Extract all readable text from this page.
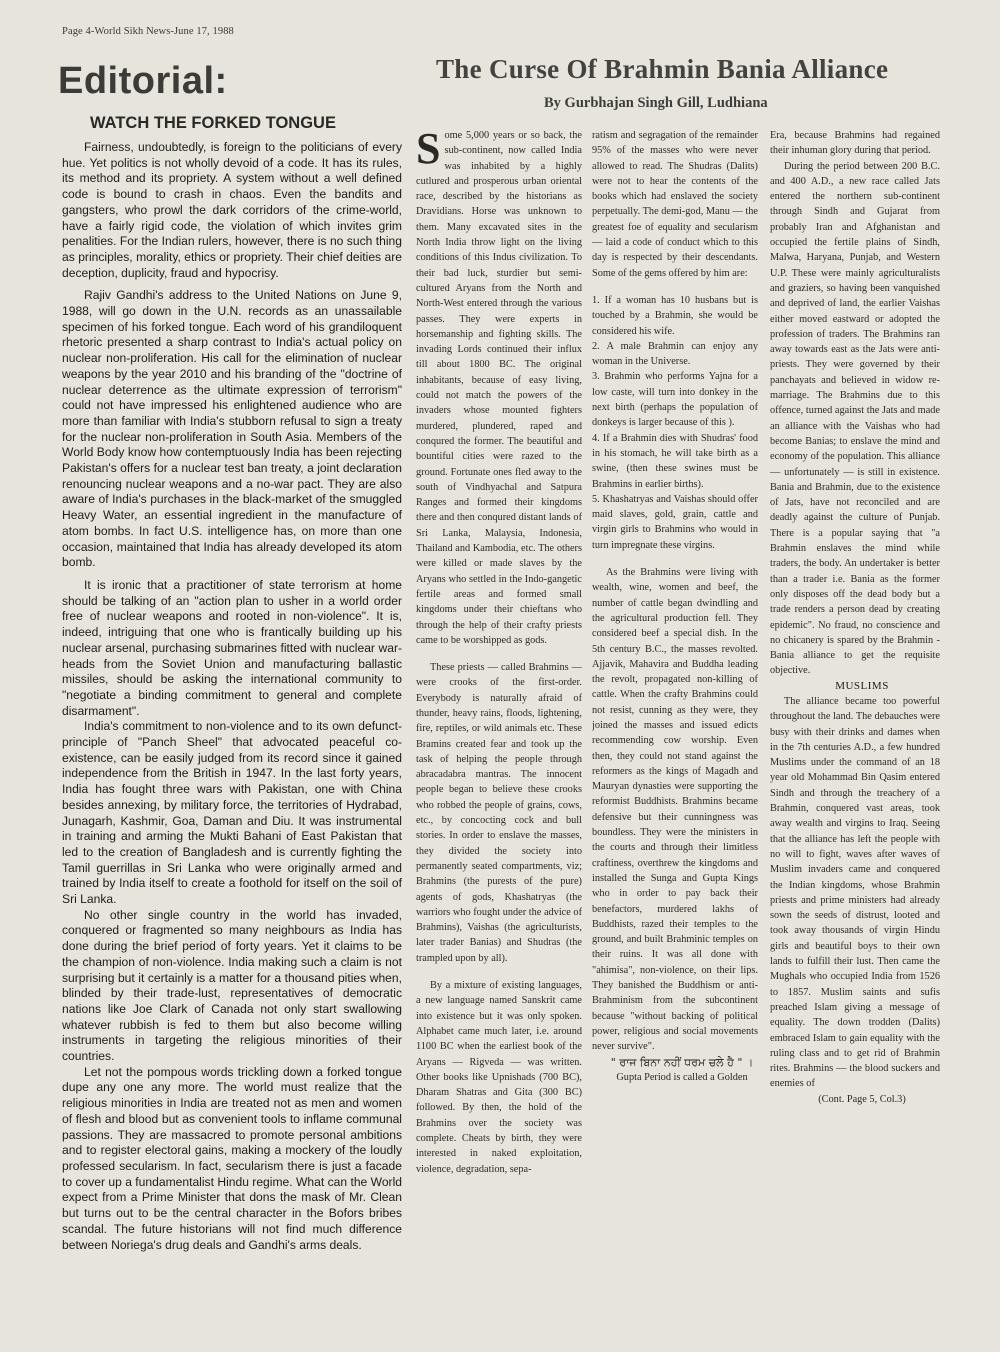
Page 4-World Sikh News-June 17, 1988
Editorial:
WATCH THE FORKED TONGUE
The Curse Of Brahmin Bania Alliance
By Gurbhajan Singh Gill, Ludhiana

Fairness, undoubtedly, is foreign to the politicians of every hue. Yet politics is not wholly devoid of a code. It has its rules, its method and its propriety. A system without a well defined code is bound to crash in chaos. Even the bandits and gangsters, who prowl the dark corridors of the crime-world, have a fairly rigid code, the violation of which invites grim penalities. For the Indian rulers, however, there is no such thing as principles, morality, ethics or propriety. Their chief deities are deception, duplicity, fraud and hypocrisy.

Rajiv Gandhi's address to the United Nations on June 9, 1988, will go down in the U.N. records as an unassailable specimen of his forked tongue. Each word of his grandiloquent rhetoric presented a sharp contrast to India's actual policy on nuclear non-proliferation. His call for the elimination of nuclear weapons by the year 2010 and his branding of the "doctrine of nuclear deterrence as the ultimate expression of terrorism" could not have impressed his enlightened audience who are more than familiar with India's stubborn refusal to sign a treaty for the nuclear non-proliferation in South Asia. Members of the World Body know how contemptuously India has been rejecting Pakistan's offers for a nuclear test ban treaty, a joint declaration renouncing nuclear weapons and a no-war pact. They are also aware of India's purchases in the black-market of the smuggled Heavy Water, an essential ingredient in the manufacture of atom bombs. In fact U.S. intelligence has, on more than one occasion, maintained that India has already developed its atom bomb.

It is ironic that a practitioner of state terrorism at home should be talking of an "action plan to usher in a world order free of nuclear weapons and rooted in non-violence". It is, indeed, intriguing that one who is frantically building up his nuclear arsenal, purchasing submarines fitted with nuclear war-heads from the Soviet Union and manufacturing ballastic missiles, should be asking the international community to "negotiate a binding commitment to general and complete disarmament".

India's commitment to non-violence and to its own defunct-principle of "Panch Sheel" that advocated peaceful co-existence, can be easily judged from its record since it gained independence from the British in 1947. In the last forty years, India has fought three wars with Pakistan, one with China besides annexing, by military force, the territories of Hydrabad, Junagarh, Kashmir, Goa, Daman and Diu. It was instrumental in training and arming the Mukti Bahani of East Pakistan that led to the creation of Bangladesh and is currently fighting the Tamil guerrillas in Sri Lanka who were originally armed and trained by India itself to create a foothold for itself on the soil of Sri Lanka.

No other single country in the world has invaded, conquered or fragmented so many neighbours as India has done during the brief period of forty years. Yet it claims to be the champion of non-violence. India making such a claim is not surprising but it certainly is a matter for a thousand pities when, blinded by their trade-lust, representatives of democratic nations like Joe Clark of Canada not only start swallowing whatever rubbish is fed to them but also become willing instruments in targeting the religious minorities of their countries.

Let not the pompous words trickling down a forked tongue dupe any one any more. The world must realize that the religious minorities in India are treated not as men and women of flesh and blood but as convenient tools to inflame communal passions. They are massacred to promote personal ambitions and to register electoral gains, making a mockery of the loudly professed secularism. In fact, secularism there is just a facade to cover up a fundamentalist Hindu regime. What can the World expect from a Prime Minister that dons the mask of Mr. Clean but turns out to be the central character in the Bofors bribes scandal. The future historians will not find much difference between Noriega's drug deals and Gandhi's arms deals.

Some 5,000 years or so back, the sub-continent, now called India was inhabited by a highly cutlured and prosperous urban oriental race, described by the historians as Dravidians. Horse was unknown to them. Many excavated sites in the North India throw light on the living conditions of this Indus civilization. To their bad luck, sturdier but semi-cultured Aryans from the North and North-West entered through the various passes. They were experts in horsemanship and fighting skills. The invading Lords continued their influx till about 1800 BC. The original inhabitants, because of easy living, could not match the powers of the invaders whose mounted fighters murdered, plundered, raped and conqured the former. The beautiful and bountiful cities were razed to the ground. Fortunate ones fled away to the south of Vindhyachal and Satpura Ranges and formed their kingdoms there and then conqured distant lands of Sri Lanka, Malaysia, Indonesia, Thailand and Kambodia, etc. The others were killed or made slaves by the Aryans who settled in the Indo-gangetic fertile areas and formed small kingdoms under their chieftans who through the help of their crafty priests came to be worshipped as gods.

These priests — called Brahmins — were crooks of the first-order. Everybody is naturally afraid of thunder, heavy rains, floods, lightening, fire, reptiles, or wild animals etc. These Bramins created fear and took up the task of helping the people through abracadabra mantras. The innocent people began to believe these crooks who robbed the people of grains, cows, etc., by concocting cock and bull stories. In order to enslave the masses, they divided the society into permanently seated compartments, viz; Brahmins (the purests of the pure) agents of gods, Khashatryas (the warriors who fought under the advice of Brahmins), Vaishas (the agriculturists, later trader Banias) and Shudras (the trampled upon by all).

By a mixture of existing languages, a new language named Sanskrit came into existence but it was only spoken. Alphabet came much later, i.e. around 1100 BC when the earliest book of the Aryans — Rigveda — was written. Other books like Upnishads (700 BC), Dharam Shatras and Gita (300 BC) followed. By then, the hold of the Brahmins over the society was complete. Cheats by birth, they were interested in naked exploitation, violence, degradation, sepa-

ratism and segragation of the remainder 95% of the masses who were never allowed to read. The Shudras (Dalits) were not to hear the contents of the books which had enslaved the society perpetually. The demi-god, Manu — the greatest foe of equality and secularism — laid a code of conduct which to this day is respected by their descendants. Some of the gems offered by him are:

1. If a woman has 10 husbans but is touched by a Brahmin, she would be considered his wife.

2. A male Brahmin can enjoy any woman in the Universe.

3. Brahmin who performs Yajna for a low caste, will turn into donkey in the next birth (perhaps the population of donkeys is larger because of this ).

4. If a Brahmin dies with Shudras' food in his stomach, he will take birth as a swine, (then these swines must be Brahmins in earlier births).

5. Khashatryas and Vaishas should offer maid slaves, gold, grain, cattle and virgin girls to Brahmins who would in turn impregnate these virgins.

As the Brahmins were living with wealth, wine, women and beef, the number of cattle began dwindling and the agricultural production fell. They considered beef a special dish. In the 5th century B.C., the masses revolted. Ajjavik, Mahavira and Buddha leading the revolt, propagated non-killing of cattle. When the crafty Brahmins could not resist, cunning as they were, they joined the masses and issued edicts recommending cow worship. Even then, they could not stand against the reformers as the kings of Magadh and Mauryan dynasties were supporting the reformist Buddhists. Brahmins became defensive but their cunningness was boundless. They were the ministers in the courts and through their limitless craftiness, overthrew the kingdoms and installed the Sunga and Gupta Kings who in order to pay back their benefactors, murdered lakhs of Buddhists, razed their temples to the ground, and built Brahminic temples on their ruins. It was all done with "ahimisa", non-violence, on their lips. They banished the Buddhism or anti-Brahminism from the subcontinent because "without backing of political power, religious and social movements never survive".

" ਰਾਜ ਬਿਨਾ ਨਹੀਂ ਧਰਮ ਚਲੇ ਹੈ " ।

Gupta Period is called a Golden

Era, because Brahmins had regained their inhuman glory during that period.

During the period between 200 B.C. and 400 A.D., a new race called Jats entered the northern sub-continent through Sindh and Gujarat from probably Iran and Afghanistan and occupied the fertile plains of Sindh, Malwa, Haryana, Punjab, and Western U.P. These were mainly agriculturalists and graziers, so having been vanquished and deprived of land, the earlier Vaishas either moved eastward or adopted the profession of traders. The Brahmins ran away towards east as the Jats were anti-priests. They were governed by their panchayats and believed in widow re-marriage. The Brahmins due to this offence, turned against the Jats and made an alliance with the Vaishas who had become Banias; to enslave the mind and economy of the population. This alliance — unfortunately — is still in existence. Bania and Brahmin, due to the existence of Jats, have not reconciled and are deadly against the culture of Punjab. There is a popular saying that "a Brahmin enslaves the mind while traders, the body. An undertaker is better than a trader i.e. Bania as the former only disposes off the dead body but a trade renders a person dead by creating epidemic". No fraud, no conscience and no chicanery is spared by the Brahmin - Bania alliance to get the requisite objective.

MUSLIMS

The alliance became too powerful throughout the land. The debauches were busy with their drinks and dames when in the 7th centuries A.D., a few hundred Muslims under the command of an 18 year old Mohammad Bin Qasim entered Sindh and through the treachery of a Brahmin, conquered vast areas, took away wealth and virgins to Iraq. Seeing that the alliance has left the people with no will to fight, waves after waves of Muslim invaders came and conquered the Indian kingdoms, whose Brahmin priests and prime ministers had already sown the seeds of distrust, looted and took away thousands of virgin Hindu girls and beautiful boys to their own lands to fulfill their lust. Then came the Mughals who occupied India from 1526 to 1857. Muslim saints and sufis preached Islam giving a message of equality. The down trodden (Dalits) embraced Islam to gain equality with the ruling class and to get rid of Brahmin rites. Brahmins — the blood suckers and enemies of

(Cont. Page 5, Col.3)
